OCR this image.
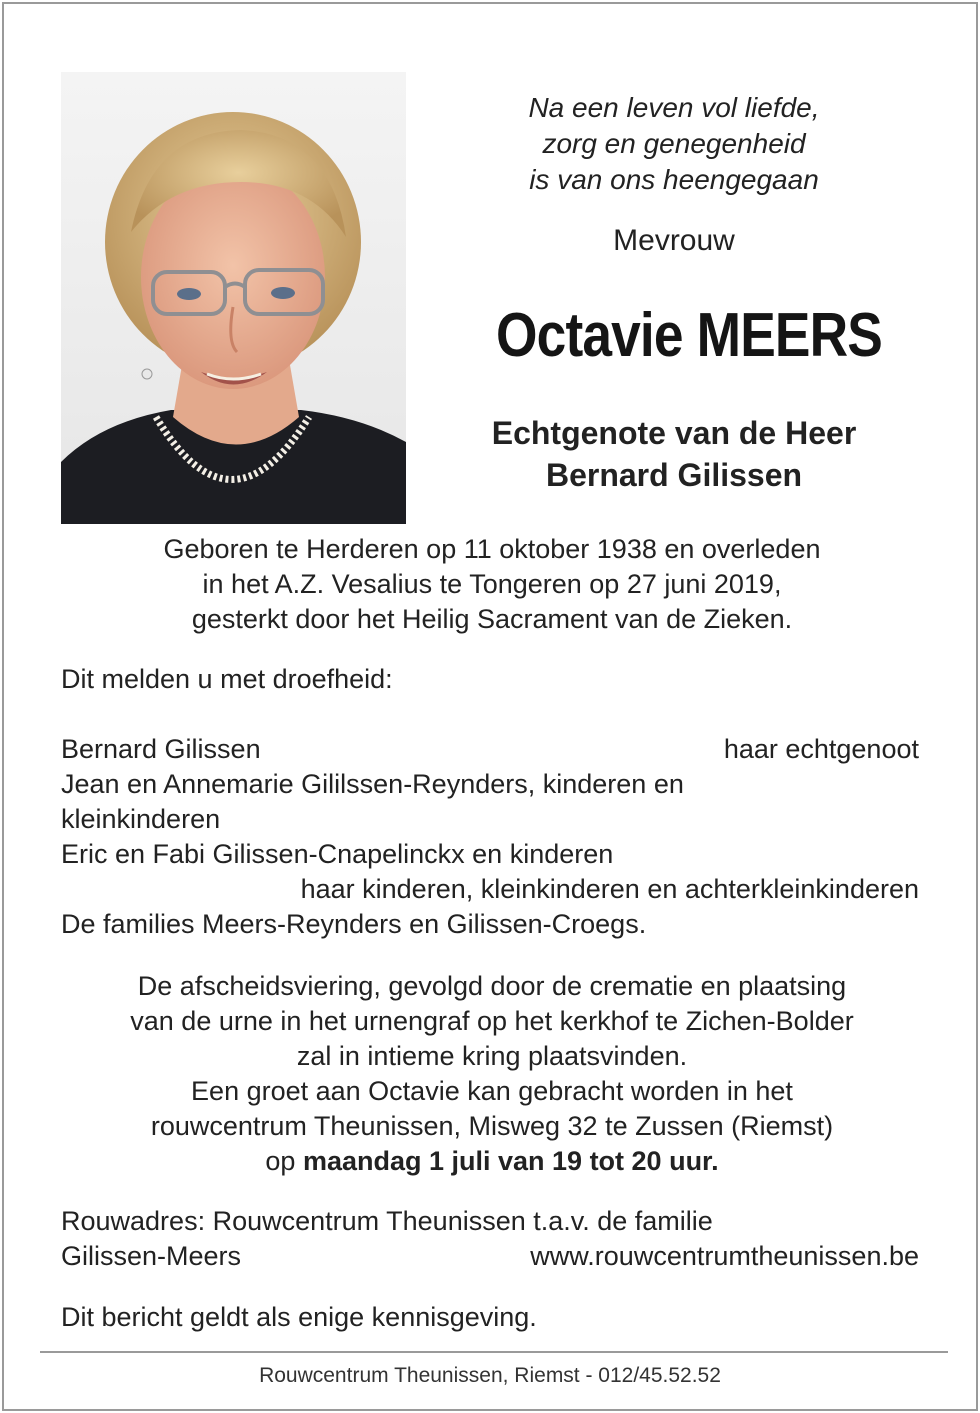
Na een leven vol liefde,
zorg en genegenheid
is van ons heengegaan
Mevrouw
Octavie MEERS
Echtgenote van de Heer
Bernard Gilissen
Geboren te Herderen op 11 oktober 1938 en overleden
in het A.Z. Vesalius te Tongeren op 27 juni 2019,
gesterkt door het Heilig Sacrament van de Zieken.
Dit melden u met droefheid:
Bernard Gilissen	haar echtgenoot
Jean en Annemarie Gililssen-Reynders, kinderen en
kleinkinderen
Eric en Fabi Gilissen-Cnapelinckx en kinderen
haar kinderen, kleinkinderen en achterkleinkinderen
De families Meers-Reynders en Gilissen-Croegs.
De afscheidsviering, gevolgd door de crematie en plaatsing
van de urne in het urnengraf op het kerkhof te Zichen-Bolder
zal in intieme kring plaatsvinden.
Een groet aan Octavie kan gebracht worden in het
rouwcentrum Theunissen, Misweg 32 te Zussen (Riemst)
op maandag 1 juli van 19 tot 20 uur.
Rouwadres: Rouwcentrum Theunissen t.a.v. de familie
Gilissen-Meers	www.rouwcentrumtheunissen.be
Dit bericht geldt als enige kennisgeving.
Rouwcentrum Theunissen, Riemst - 012/45.52.52
